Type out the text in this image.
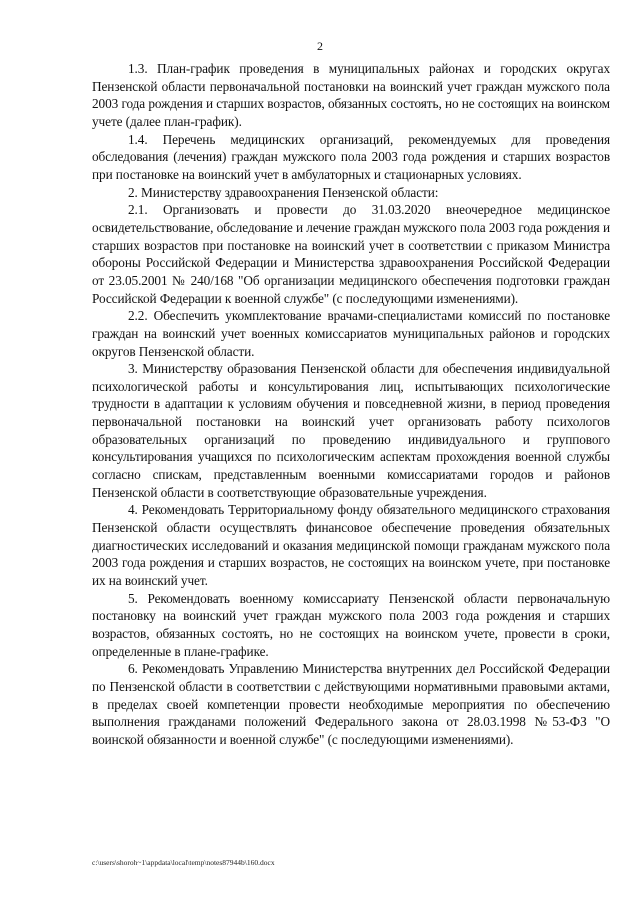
2

1.3. План-график проведения в муниципальных районах и городских округах Пензенской области первоначальной постановки на воинский учет граждан мужского пола 2003 года рождения и старших возрастов, обязанных состоять, но не состоящих на воинском учете (далее план-график).

1.4. Перечень медицинских организаций, рекомендуемых для проведения обследования (лечения) граждан мужского пола 2003 года рождения и старших возрастов при постановке на воинский учет в амбулаторных и стационарных условиях.

2. Министерству здравоохранения Пензенской области:

2.1. Организовать и провести до 31.03.2020 внеочередное медицинское освидетельствование, обследование и лечение граждан мужского пола 2003 года рождения и старших возрастов при постановке на воинский учет в соответствии с приказом Министра обороны Российской Федерации и Министерства здравоохранения Российской Федерации от 23.05.2001 № 240/168 "Об организации медицинского обеспечения подготовки граждан Российской Федерации к военной службе" (с последующими изменениями).

2.2. Обеспечить укомплектование врачами-специалистами комиссий по постановке граждан на воинский учет военных комиссариатов муниципальных районов и городских округов Пензенской области.

3. Министерству образования Пензенской области для обеспечения индивидуальной психологической работы и консультирования лиц, испытывающих психологические трудности в адаптации к условиям обучения и повседневной жизни, в период проведения первоначальной постановки на воинский учет организовать работу психологов образовательных организаций по проведению индивидуального и группового консультирования учащихся по психологическим аспектам прохождения военной службы согласно спискам, представленным военными комиссариатами городов и районов Пензенской области в соответствующие образовательные учреждения.

4. Рекомендовать Территориальному фонду обязательного медицинского страхования Пензенской области осуществлять финансовое обеспечение проведения обязательных диагностических исследований и оказания медицинской помощи гражданам мужского пола 2003 года рождения и старших возрастов, не состоящих на воинском учете, при постановке их на воинский учет.

5. Рекомендовать военному комиссариату Пензенской области первоначальную постановку на воинский учет граждан мужского пола 2003 года рождения и старших возрастов, обязанных состоять, но не состоящих на воинском учете, провести в сроки, определенные в плане-графике.

6. Рекомендовать Управлению Министерства внутренних дел Российской Федерации по Пензенской области в соответствии с действующими нормативными правовыми актами, в пределах своей компетенции провести необходимые мероприятия по обеспечению выполнения гражданами положений Федерального закона от 28.03.1998 №53-ФЗ "О воинской обязанности и военной службе" (с последующими изменениями).

c:\users\shoroh~1\appdata\local\temp\notes87944b\160.docx
